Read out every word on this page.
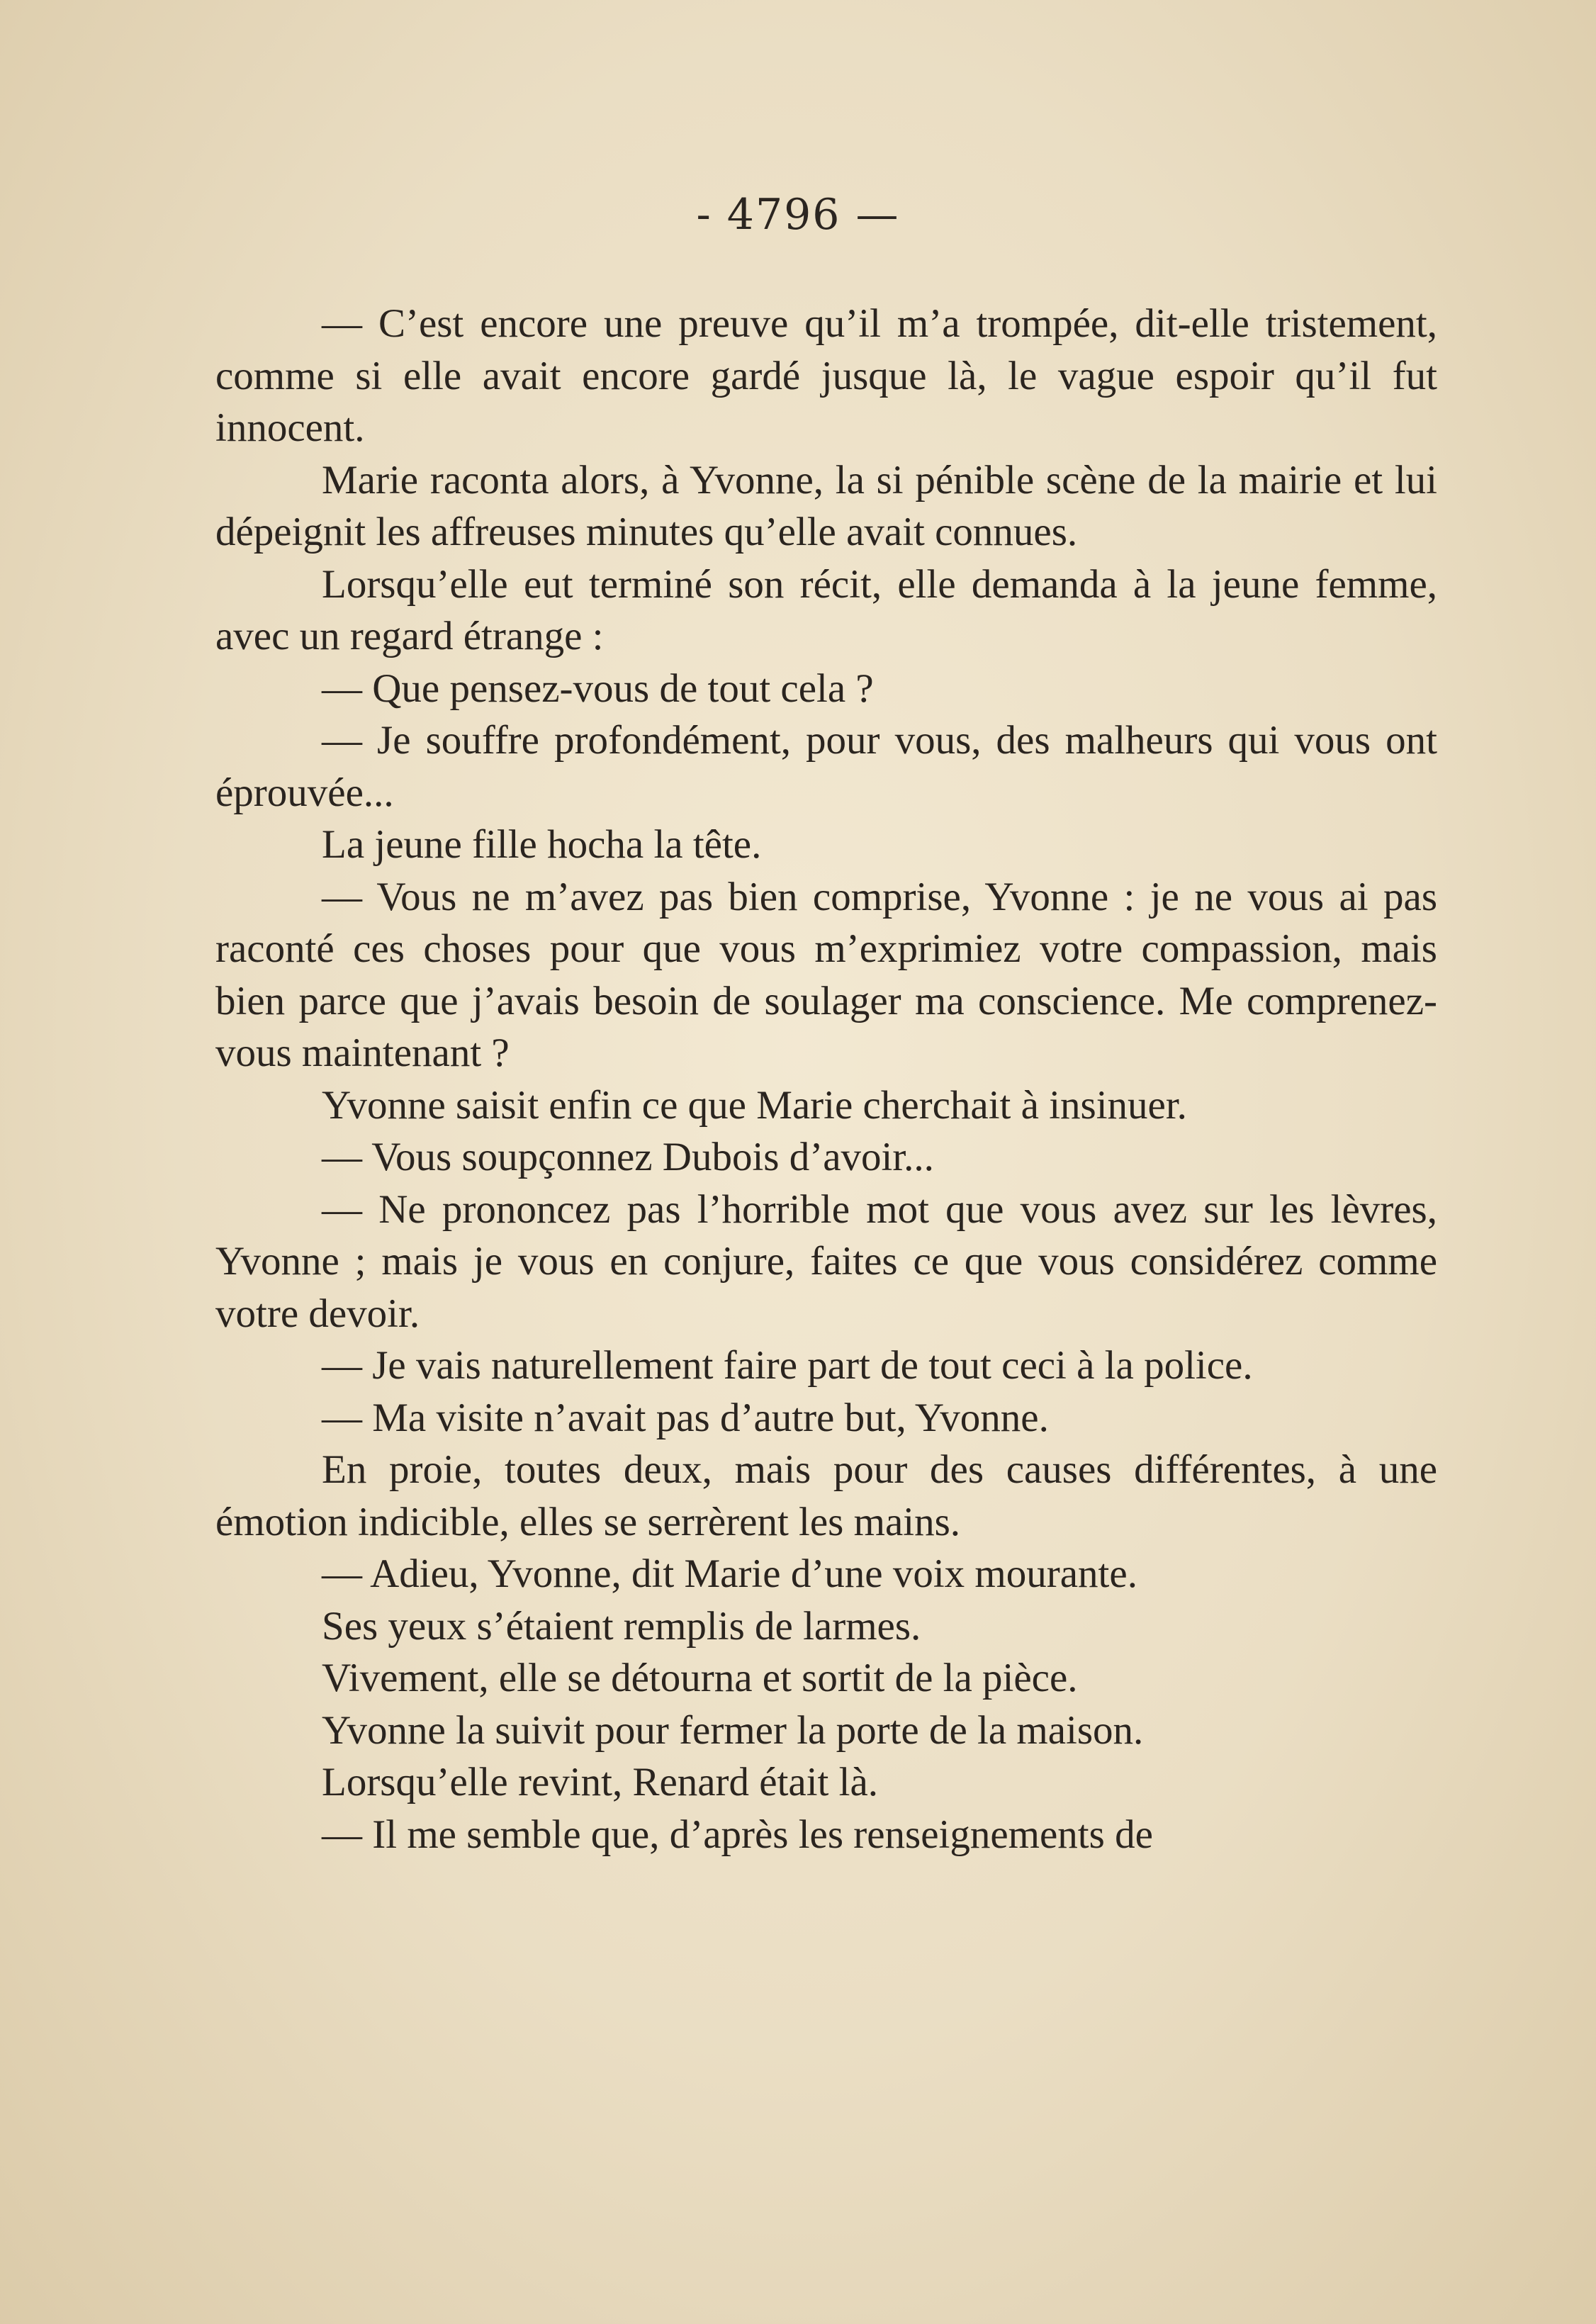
- 4796 —

— C’est encore une preuve qu’il m’a trompée, dit-elle tristement, comme si elle avait encore gardé jusque là, le vague espoir qu’il fut innocent.

Marie raconta alors, à Yvonne, la si pénible scène de la mairie et lui dépeignit les affreuses minutes qu’elle avait connues.

Lorsqu’elle eut terminé son récit, elle demanda à la jeune femme, avec un regard étrange :

— Que pensez-vous de tout cela ?

— Je souffre profondément, pour vous, des malheurs qui vous ont éprouvée...

La jeune fille hocha la tête.

— Vous ne m’avez pas bien comprise, Yvonne : je ne vous ai pas raconté ces choses pour que vous m’exprimiez votre compassion, mais bien parce que j’avais besoin de soulager ma conscience. Me comprenez-vous maintenant ?

Yvonne saisit enfin ce que Marie cherchait à insinuer.

— Vous soupçonnez Dubois d’avoir...

— Ne prononcez pas l’horrible mot que vous avez sur les lèvres, Yvonne ; mais je vous en conjure, faites ce que vous considérez comme votre devoir.

— Je vais naturellement faire part de tout ceci à la police.

— Ma visite n’avait pas d’autre but, Yvonne.

En proie, toutes deux, mais pour des causes différentes, à une émotion indicible, elles se serrèrent les mains.

— Adieu, Yvonne, dit Marie d’une voix mourante.

Ses yeux s’étaient remplis de larmes.

Vivement, elle se détourna et sortit de la pièce.

Yvonne la suivit pour fermer la porte de la maison.

Lorsqu’elle revint, Renard était là.

— Il me semble que, d’après les renseignements de
